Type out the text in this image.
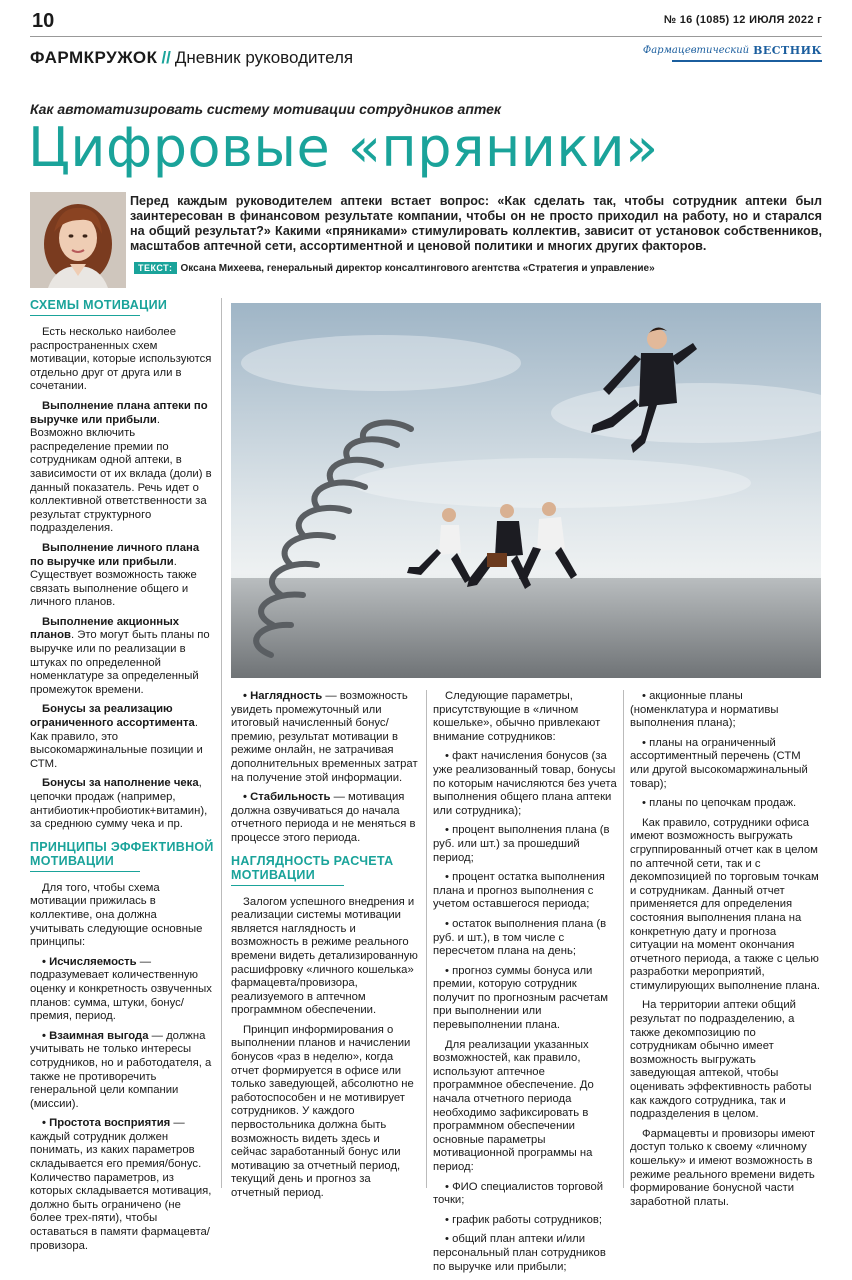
10	№ 16 (1085) 12 ИЮЛЯ 2022 г
ФАРМКРУЖОК // Дневник руководителя	Фармацевтический ВЕСТНИК
Как автоматизировать систему мотивации сотрудников аптек
Цифровые «пряники»

Перед каждым руководителем аптеки встает вопрос: «Как сделать так, чтобы сотрудник аптеки был заинтересован в финансовом результате компании, чтобы он не просто приходил на работу, но и старался на общий результат?» Какими «пряниками» стимулировать коллектив, зависит от установок собственников, масштабов аптечной сети, ассортиментной и ценовой политики и многих других факторов.

ТЕКСТ: Оксана Михеева, генеральный директор консалтингового агентства «Стратегия и управление»
СХЕМЫ МОТИВАЦИИ

Есть несколько наиболее распространенных схем мотивации, которые используются отдельно друг от друга или в сочетании.

Выполнение плана аптеки по выручке или прибыли. Возможно включить распределение премии по сотрудникам одной аптеки, в зависимости от их вклада (доли) в данный показатель. Речь идет о коллективной ответственности за результат структурного подразделения.

Выполнение личного плана по выручке или прибыли. Существует возможность также связать выполнение общего и личного планов.

Выполнение акционных планов. Это могут быть планы по выручке или по реализации в штуках по определенной номенклатуре за определенный промежуток времени.

Бонусы за реализацию ограниченного ассортимента. Как правило, это высокомаржинальные позиции и СТМ.

Бонусы за наполнение чека, цепочки продаж (например, антибиотик+пробиотик+витамин), за среднюю сумму чека и пр.

ПРИНЦИПЫ ЭФФЕКТИВНОЙ МОТИВАЦИИ

Для того, чтобы схема мотивации прижилась в коллективе, она должна учитывать следующие основные принципы:

• Исчисляемость — подразумевает количественную оценку и конкретность озвученных планов: сумма, штуки, бонус/премия, период.

• Взаимная выгода — должна учитывать не только интересы сотрудников, но и работодателя, а также не противоречить генеральной цели компании (миссии).

• Простота восприятия — каждый сотрудник должен понимать, из каких параметров складывается его премия/бонус. Количество параметров, из которых складывается мотивация, должно быть ограничено (не более трех-пяти), чтобы оставаться в памяти фармацевта/провизора.

• Наглядность — возможность увидеть промежуточный или итоговый начисленный бонус/премию, результат мотивации в режиме онлайн, не затрачивая дополнительных временных затрат на получение этой информации.

• Стабильность — мотивация должна озвучиваться до начала отчетного периода и не меняться в процессе этого периода.

НАГЛЯДНОСТЬ РАСЧЕТА МОТИВАЦИИ

Залогом успешного внедрения и реализации системы мотивации является наглядность и возможность в режиме реального времени видеть детализированную расшифровку «личного кошелька» фармацевта/провизора, реализуемого в аптечном программном обеспечении.

Принцип информирования о выполнении планов и начислении бонусов «раз в неделю», когда отчет формируется в офисе или только заведующей, абсолютно не работоспособен и не мотивирует сотрудников. У каждого первостольника должна быть возможность видеть здесь и сейчас заработанный бонус или мотивацию за отчетный период, текущий день и прогноз за отчетный период.

Следующие параметры, присутствующие в «личном кошельке», обычно привлекают внимание сотрудников:

• факт начисления бонусов (за уже реализованный товар, бонусы по которым начисляются без учета выполнения общего плана аптеки или сотрудника);

• процент выполнения плана (в руб. или шт.) за прошедший период;

• процент остатка выполнения плана и прогноз выполнения с учетом оставшегося периода;

• остаток выполнения плана (в руб. и шт.), в том числе с пересчетом плана на день;

• прогноз суммы бонуса или премии, которую сотрудник получит по прогнозным расчетам при выполнении или перевыполнении плана.

Для реализации указанных возможностей, как правило, используют аптечное программное обеспечение. До начала отчетного периода необходимо зафиксировать в программном обеспечении основные параметры мотивационной программы на период:

• ФИО специалистов торговой точки;

• график работы сотрудников;

• общий план аптеки и/или персональный план сотрудников по выручке или прибыли;

• акционные планы (номенклатура и нормативы выполнения плана);

• планы на ограниченный ассортиментный перечень (СТМ или другой высокомаржинальный товар);

• планы по цепочкам продаж.

Как правило, сотрудники офиса имеют возможность выгружать сгруппированный отчет как в целом по аптечной сети, так и с декомпозицией по торговым точкам и сотрудникам. Данный отчет применяется для определения состояния выполнения плана на конкретную дату и прогноза ситуации на момент окончания отчетного периода, а также с целью разработки мероприятий, стимулирующих выполнение плана.

На территории аптеки общий результат по подразделению, а также декомпозицию по сотрудникам обычно имеет возможность выгружать заведующая аптекой, чтобы оценивать эффективность работы как каждого сотрудника, так и подразделения в целом.

Фармацевты и провизоры имеют доступ только к своему «личному кошельку» и имеют возможность в режиме реального времени видеть формирование бонусной части заработной платы.
